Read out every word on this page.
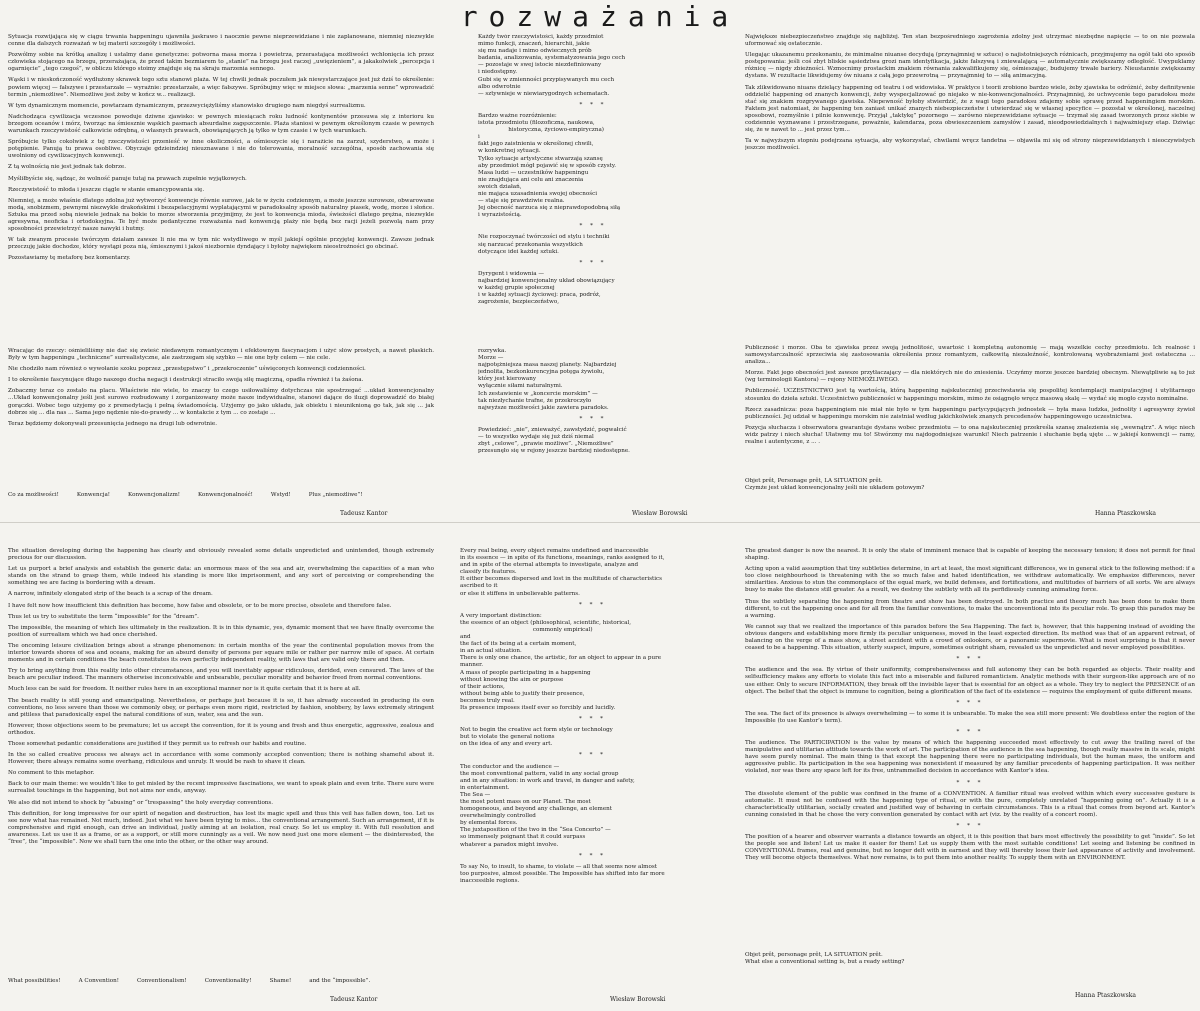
rozważania

Sytuacja rozwijająca się w ciągu trwania happeningu ujawniła jaskrawo i naocznie pewne nieprzewidziane i nie zaplanowane, niemniej niezwykle cenne dla dalszych rozważań w tej materii szczegóły i możliwości.

Pozwólmy sobie na krótką analizę i ustalmy dane genetyczne: potworna masa morza i powietrza, przerastająca możliwości wchłonięcia ich przez człowieka stojącego na brzegu, przerażająca, że przed takim bezmiarem to „stanie” na brzegu jest raczej „uwięzieniem”, a jakakolwiek „percepcja i ogarnięcie” „tego czegoś”, w obliczu którego stoimy znajduje się na skraju marzenia sennego.

Wąski i w nieskończoność wydłużony skrawek tego sztu stanowi plaża. W tej chwili jednak poczułem jak niewystarczające jest już dziś to określenie: powiem więcej — fałszywe i przestarzałe — wyrażnie: przestarzałe, a więc fałszywe. Spróbujmy więc w miejsce słowa: „marzenia senne” wprowadzić termin „niemożliwe”. Niemożliwe jest żeby w kończ w... realizacji.

W tym dynamicznym momencie, powtarzam dynamicznym, przezwyciężyliśmy stanowisko drugiego nam niegdyś surrealizmu.

Nadchodząca cywilizacja wczesnoe powoduje dziwne zjawisko: w pewnych miesiącach roku ludność kontynentów przesuwa się z interioru ku brzegom oceanów i mórz, tworząc na śmiesznie wąskich pasmach absurdalne zagęszczenie. Plaża staniosi w pewnym określonym czasie w pewnych warunkach rzeczywistość całkowicie odrębną, o własnych prawach, obowiązujących ją tylko w tym czasie i w tych warunkach.

Spróbujcie tylko cokolwiek z tej rzeczywistości przenieść w inne okoliczności, a ośmieszycie się i narażicie na zarzut, szyderstwo, a może i potępienie. Panują tu prawa osobliwe. Obyczaje gdzieindziej nieuznawane i nie do tolerowania, moralność szczególna, sposób zachowania się uwolniony od cywilizacyjnych konwencji.

Z tą wolnością nie jest jednak tak dobrze.

Myśliłbyście się, sądząc, że wolność panuje tutaj na prawach zupełnie wyjątkowych.

Rzeczywistość to młoda i jeszcze ciągle w stanie emancypowania się.

Niemniej, a może właśnie dlatego zdolna już wytworzyć konwencje równie surowe, jak te w życiu codziennym, a może jeszcze surowsze, obwarowane modą, snobizmem, pewnymi niezwykle drakońskimi i bezapelacyjnymi wyplatającymi w paradoksalny sposób naturalny piasek, wodę, morze i słońce. Sztuka ma przed sobą niewiele jednak na bokie to morze stworzenia przyjmijmy, że jest to konwencja mioda, świeżości dlatego prężna, niezwykle agresywna, neoficka i ortodoksyjna. Te być może pedantyczne rozważania nad konwencją plaży nie będą bez racji jeżeli pozwolą nam przy sposobności przewietrzyć nasze nawyki i hutmy.

W tak zwanym procesie twórczym działam zawsze li nie ma w tym nic wstydliwego w myśl jakiejś ogólnie przyjętej konwencji. Zawsze jednak przeczuję jakie dochodze, który wystąpi poza nią, śmiesznymi i jakoś niezbornie dyndający i byłoby najwiękem nieostrożności go obcinać.

Pozostawiamy tę metaforę bez komentarzy.

Wracając do rzeczy: ośmieliliśmy nie dać się zwieść niedawnym romantycznym i efektownym fascynacjom i użyć słów prostych, a nawet płaskich. Były w tym happeningu „techniczne” surrealistyczne, ale zastrzegam się szybko — nie one były celem — nie cele.

Nie chodziło nam również o wywołanie szoku poprzez „przestępstwo” i „przekroczenie” uświęconych konwencji codzienności.

I to określenie fascynujące długo naszego ducha negacji i destrukcji straciło swoją siłę magiczną, opadła również i ta żaśona.

Zobaczmy teraz co zostało na placu. Właściwie nie wiele, to znaczy to czego usiłowaliśmy dotychczas nie spostrzegać ...układ konwencjonalny ...Układ konwencjonalny jeśli jest surowo rozbudowany i zorganizowany może nasze indywidualne, stanowi dające do iluzji doprowadzić do białej gorączki. Wobec tego użyjemy go z premedytacją i pełną świadomością. Użyjemy go jako układu, jak obiektu i nieuniknioną go tak, jak się ... jak dobrze się ... dla nas ... Sama jego nędznie nie-do-prawdy ... w kontakcie z tym ... co zostaje ...

Teraz będziemy dokonywali przesunięcia jednego na drugi lub odwrotnie.

Tadeusz Kantor
Każdy twór rzeczywistości, każdy przedmiot
mimo funkcji, znaczeń, hierarchii, jakie
się mu nadaje i mimo odwiecznych prób
badania, analizowania, systematyzowania jego cech
— pozostaje w swej istocie niezdefiniowany
i niedostępny.
Gubi się w zmienności przypisywanych mu cech
albo odwrotnie
— sztywnieje w niewiarygodnych schematach.
* * *
Bardzo ważne rozróżnienie:
istota przedmiotu (filozoficzna, naukowa,
historyczna, życiowo-empiryczna)
i
fakt jego zaistnienia w określonej chwili,
w konkretnej sytuacji.
Tylko sytuacje artystyczne stwarzają szansę
aby przedmiot mógł pojawić się w sposób czysty.
Masa ludzi — uczestników happeningu
nie znajdująca ani celu ani znaczenia
swoich działań,
nie mająca uzasadnienia swojej obecności
— staje się prawdziwie realna.
Jej obecność narzuca się z nieprawdopodobną siłą
i wyrazistością.
* * *
Nie rozpoczynać twórczości od stylu i techniki
się narzucać przekonania wszystkich
dotyczące idei każdej sztuki.
* * *
Dyrygent i widownia —
najbardziej konwencjonalny układ obowiązujący
w każdej grupie społecznej
i w każdej sytuacji życiowej: praca, podróż,
zagrożenie, bezpieczeństwo,
rozrywka.
Morze —
najpotężniejsza masa naszej planety. Najbardziej
jednolita, bezkonkurencyjna potęga żywiołu,
który jest kierowany
wyłącznie siłami naturalnymi.
Ich zestawienie w „koncercie morskim” —
tak niezłychanie trafne, że przekroczyło
najwyższe możliwości jakie zawiera paradoks.
* * *
Powiedzieć: „nie”, znieważyć, zawstydzić, pogwałcić
— to wszystko wydaje się już dziś niemal
zbyt „celowe”, „prawie możliwe”. „Niemożliwe”
przesunęło się w rejony jeszcze bardziej niedostępne.
Wiesław Borowski

Największe niebezpieczeństwo znajduje się najbliżej. Ten stan bezpośredniego zagrożenia zdolny jest utrzymać niezbędne napięcie — to on nie pozwala uformować się ostatecznie.

Ulegając ukazanemu przekonaniu, że minimalne niuanse decydują (przynajmniej w sztuce) o najistotniejszych różnicach, przyjmujemy na ogół taki oto sposób postępowania: jeśli coś zbyt bliskie sąsiedztwa grozi nam identyfikacja, jakże fałszywą i zniewalającą — automatycznie zwiększamy odległość. Uwypuklamy różnicę — nigdy zbieżności. Wzmocnimy prostackim znakiem równania zakwalifikujemy się, ośmieszając, budujemy trwałe bariery. Nieustannie zwiększamy dystans. W rezultacie likwidujemy ów niuans z całą jego przewrotną — przynajmniej to — siłą animacyjną.

Tak zlikwidowano niuans dzielący happening od teatru i od widowiska. W praktyce i teorii zrobiono bardzo wiele, żeby zjawiska te odróżnić, żeby definitywnie oddzielić happening od znanych konwencji, żeby wyspecjalizować go niejako w nie-konwencjonalności. Przynajmniej, że uchwycenie tego paradoksu może stać się znakiem rozgrywanego zjawiska. Niepewność byłoby stwierdzić, że z wagi tego paradoksu zdajemy sobie sprawę przed happeningiem morskim. Faktem jest natomiast, że happening ten zaniast unikać znanych niebezpieczeństw i utwierdzać się w własnej specyfice — pozostał w określonej, naczelnej sposobowi, rozmyślnie i pilnie konwencję. Przyjął „taktykę” pozornego — zarówno nieprzewidziane sytuacje — trzymał się zasad tworzonych przez siebie w codziennie wyznawane i przestrzegane, poważnie, kalendarza, poza obwieszczeniem zamysłów i zasad, nieodpowiedzialnych i najważniejszy etap. Dziwiąc się, że w nawet to ... jest przez tym...

Ta w najwyższym stopniu podejrzana sytuacja, aby wykorzystać, chwilami wręcz tandetna — objawiła mi się od strony nieprzewidzianych i nieoczywistych jeszcze możliwości.

Publiczność i morze. Oba te zjawiska przez swoją jednolitość, uwartość i kompletną autonomię — mają wszelkie cechy przedmiotu. Ich realność i samowystarczalność sprzeciwia się zastosowania określenia przez romantyzm, całkowitą niezaleźność, kontrolowaną wyobrażeniami jest ostateczna ... analiza...

Morze. Fakt jego obecności jest zawsze przytłaczający — dla niektórych nie do zniesienia. Uczyńmy morze jeszcze bardziej obecnym. Niewątpliwie są to już (wg terminologii Kantora) — rejony NIEMOŻLIWEGO.

Publiczność. UCZESTNICTWO jest tą wartością, którą happening najskuteczniej przeciwstawia się pospolitej kontemplacji manipulacyjnej i utylitarnego stosunku do dzieła sztuki. Uczestnictwo publiczności w happeningu morskim, mimo że osiągnęło wręcz masową skalę — wydać się mogło czysto nominalne.

Rzecz zasadnicza: poza happeningiem nie miał nie było w tym happeningu partycypujących jednostek — była masa ludzka, jednolity i agresywny żywioł publiczności. Jej udział w happeningu morskim nie zaistniał według jakichkolwiek znanych precedensów happeningowego uczestnictwa.

Pozycja słuchacza i obserwatora gwarantuje dystans wobec przedmiotu — to ona najskuteczniej przekreśla szansę znalezienia się „wewnątrz”. A więc niech widz patrzy i niech słucha! Ułatwmy mu to! Stwórzmy mu najdogodniejsze warunki! Niech patrzenie i słuchanie będą ujęte ... w jakiejś konwencji — ramy, realne i autentyczne, z ... .

Objet prêt, Personage prêt, LA SITUATION prêt.
Czymże jest układ konwencjonalny jeśli nie układem gotowym?
Hanna Ptaszkowska

The situation developing during the happening has clearly and obviously revealed some details unpredicted and unintended, though extremely precious for our discussion.

Let us purport a brief analysis and establish the generic data: an enormous mass of the sea and air, overwhelming the capacities of a man who stands on the strand to grasp them, while indeed his standing is more like imprisonment, and any sort of perceiving or comprehending the something we are facing is bordering with a dream.

A narrow, infinitely elongated strip of the beach is a scrap of the dream.

I have felt now how insufficient this definition has become, how false and obsolete, or to be more precise, obsolete and therefore false.

Thus let us try to substitute the term “impossible” for the “dream”.

The impossible, the meaning of which lies ultimately in the realization. It is in this dynamic, yes, dynamic moment that we have finally overcome the position of surrealism which we had once cherished.

The oncoming leisure civilization brings about a strange phenomenon: in certain months of the year the continental population moves from the interior towards shores of sea and oceans, making for an absurd density of persons per square mile or rather per narrow mile of space. At certain moments and in certain conditions the beach constitutes its own perfectly independent reality, with laws that are valid only there and then.

Try to bring anything from this reality into other circumstances, and you will inevitably appear ridiculous, derided, even censured. The laws of the beach are peculiar indeed. The manners otherwise inconceivable and unbearable, peculiar morality and behavior freed from normal conventions.

Much less can be said for freedom. It neither rules here in an exceptional manner nor is it quite certain that it is here at all.

The beach reality is still young and emancipating. Nevertheless, or perhaps just because it is so, it has already succeeded in producing its own conventions, no less severe than those we commonly obey, or perhaps even more rigid, restricted by fashion, snobbery, by laws extremely stringent and pitiless that paradoxically expel the natural conditions of sun, water, sea and the sun.

However, those objections seem to be premature; let us accept the convention, for it is young and fresh and thus energetic, aggressive, zealous and orthodox.

Those somewhat pedantic considerations are justified if they permit us to refresh our habits and routine.

In the so called creative process we always act in accordance with some commonly accepted convention; there is nothing shameful about it. However, there always remains some overhang, ridiculous and unruly. It would be rash to shave it clean.

No comment to this metaphor.

Back to our main theme: we wouldn’t like to get misled by the recent impressive fascinations, we want to speak plain and even trite. There sure were surrealist touchings in the happening, but not aims nor ends, anyway.

We also did not intend to shock by “abusing” or “trespassing” the holy everyday conventions.

This definition, for long impressive for our spirit of negation and destruction, has lost its magic spell and thus this veil has fallen down, too. Let us see now what has remained. Not much, indeed. Just what we have been trying to miss... the conventional arrangement. Such an arrangement, if it is comprehensive and rigid enough, can drive an individual, justly aiming at an isolation, real crazy. So let us employ it. With full resolution and awareness. Let us use it as a frame, or as a support, or still more cunningly as a veil. We now need just one more element — the disinterested, the “free”, the “impossible”. Now we shall turn the one into the other, or the other way around.

Tadeusz Kantor
Every real being, every object remains undefined and inaccessible
in its essence — in spite of its functions, meanings, ranks assigned to it,
and in spite of the eternal attempts to investigate, analyze and
classify its features.
It either becomes dispersed and lost in the multitude of characteristics
ascribed to it
or else it stiffens in unbelievable patterns.
* * *
A very important distinction:
the essence of an object (philosophical, scientific, historical,
commonly empirical)
and
the fact of its being at a certain moment,
in an actual situation.
There is only one chance, the artistic, for an object to appear in a pure
manner.
A mass of people participating in a happening
without knowing the aim or purpose
of their actions,
without being able to justify their presence,
becomes truly real.
Its presence imposes itself ever so forcibly and lucidly.
* * *
Not to begin the creative act form style or technology
but to violate the general notions
on the idea of any and every art.
* * *
The conductor and the audience —
the most conventional pattern, valid in any social group
and in any situation: in work and travel, in danger and safety,
in entertainment.
The Sea —
the most potent mass on our Planet. The most
homogeneous, and beyond any challenge, an element
overwhelmingly controlled
by elemental forces.
The juxtaposition of the two in the “Sea Concerto” —
so immensely poignant that it could surpass
whatever a paradox might involve.
* * *
To say No, to insult, to shame, to violate — all that seems now almost
too purposive, almost possible. The Impossible has shifted into far more
inaccessible regions.
Wiesław Borowski

The greatest danger is now the nearest. It is only the state of imminent menace that is capable of keeping the necessary tension; it does not permit for final shaping.

Acting upon a valid assumption that tiny subtleties determine, in art at least, the most significant differences, we in general stick to the following method: if a too close neighbourhood is threatening with the so much false and hated identification, we withdraw automatically. We emphasize differences, never similarities. Anxious to stun the commonplace of the equal mark, we build defenses, and fortifications, and multitudes of barriers of all sorts. We are always busy to make the distance still greater. As a result, we destroy the subtlety with all its perfidiously cunning animating force.

Thus the subtlety separating the happening from theatre and show has been destroyed. In both practice and theory much has been done to make them different, to cut the happening once and for all from the familiar conventions, to make the unconventional into its peculiar role. To grasp this paradox may be a warning.

We cannot say that we realized the importance of this paradox before the Sea Happening. The fact is, however, that this happening instead of avoiding the obvious dangers and establishing more firmly its peculiar uniqueness, moved in the least expected direction. Its method was that of an apparent retreat, of balancing on the verge of a mass show, a street accident with a crowd of onlookers, or a panoramic supermovie. What is most surprising is that it never ceased to be a happening. This situation, utterly suspect, impure, sometimes outright sham, revealed us the unpredicted and never employed possibilities.

* * *

The audience and the sea. By virtue of their uniformity, comprehensiveness and full autonomy they can be both regarded as objects. Their reality and selfsufficiency makes any efforts to violate this fact into a miserable and failured romanticism. Analytic methods with their surgeon-like approach are of no use either. Only to secure INFORMATION, they break off the invisible layer that is essential for an object as a whole. They try to neglect the PRESENCE of an object. The belief that the object is immune to cognition, being a glorification of the fact of its existence — requires the employment of quite different means.

* * *

The sea. The fact of its presence is always overwhelming — to some it is unbearable. To make the sea still more present: We doubtless enter the region of the Impossible (to use Kantor’s term).

* * *

The audience. The PARTICIPATION is the value by means of which the happening succeeded most effectively to cut away the trailing navel of the manipulative and utilitarian attitude towards the work of art. The participation of the audience in the sea happening, though really massive in its scale, might have seem purely nominal. The main thing is that except the happening there were no participating individuals, but the human mass, the uniform and aggressive public. Its participation in the sea happening was nonexistent if measured by any familiar precedents of happening participation. It was neither violated, nor was there any space left for its free, untrammelled decision in accordance with Kantor’s idea.

* * *

The dissolute element of the public was confined in the frame of a CONVENTION. A familiar ritual was evolved within which every successive gesture is automatic. It must not be confused with the happening type of ritual, or with the pure, completely unrelated “happening going on”. Actually it is a characteristically utilitarian, socially created and justified way of behaving in certain circumstances. This is a ritual that comes from beyond art. Kantor’s cunning consisted in that he chose the very convention generated by contact with art (viz. by the reality of a concert room).

* * *

The position of a hearer and observer warrants a distance towards an object, it is this position that bars most effectively the possibility to get “inside”. So let the people see and listen! Let us make it easier for them! Let us supply them with the most suitable conditions! Let seeing and listening be confined in CONVENTIONAL frames, real and genuine, but no longer delt with in earnest and they will thereby loose their last appearance of activity and involvement. They will become objects themselves. What now remains, is to put them into another reality. To supply them with an ENVIRONMENT.

Objet prêt, personage prêt, LA SITUATION prêt.
What else a conventional setting is, but a ready setting?
Hanna Ptaszkowska
What possibilities!	A Convention!	Conventionalism!	Conventionality!	Shame!	and the “impossible”.
Co za możliwości!	Konwencja!	Konwencjonalizm!	Konwencjonalność!	Wstyd!	Plus „niemożliwe”!
